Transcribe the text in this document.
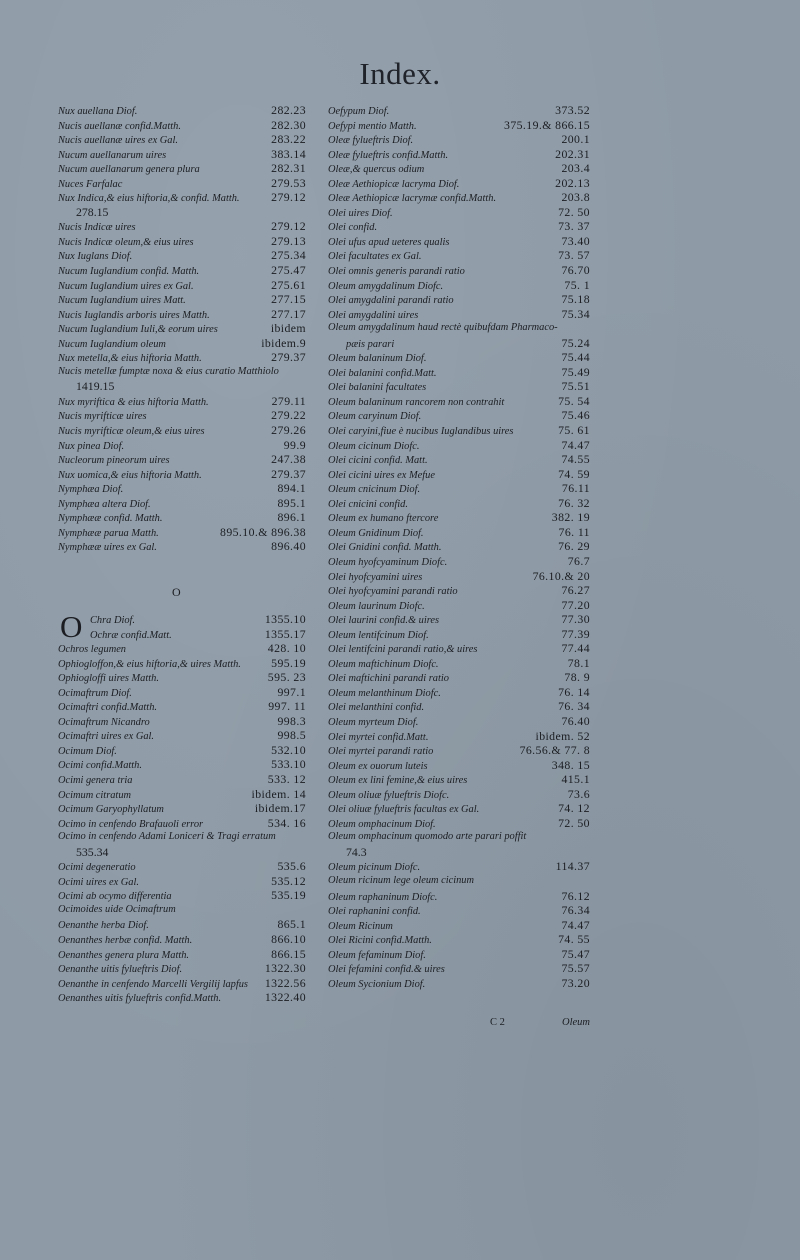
Index.
Nux auellana Diof.	282.23
Nucis auellanæ confid.Matth.	282.30
Nucis auellanæ uires ex Gal.	283.22
Nucum auellanarum uires	383.14
Nucum auellanarum genera plura	282.31
Nuces Farfalac	279.53
Nux Indica,& eius hiftoria,& confid. Matth.	279.12
278.15
Nucis Indicæ uires	279.12
Nucis Indicæ oleum,& eius uires	279.13
Nux Iuglans Diof.	275.34
Nucum Iuglandium confid. Matth.	275.47
Nucum Iuglandium uires ex Gal.	275.61
Nucum Iuglandium uires Matt.	277.15
Nucis Iuglandis arboris uires Matth.	277.17
Nucum Iuglandium Iuli,& eorum uires	ibidem
Nucum Iuglandium oleum	ibidem.9
Nux metella,& eius hiftoria Matth.	279.37
Nucis metellæ fumptæ noxa & eius curatio Matthiolo
1419.15
Nux myriftica & eius hiftoria Matth.	279.11
Nucis myrifticæ uires	279.22
Nucis myrifticæ oleum,& eius uires	279.26
Nux pinea Diof.	99.9
Nucleorum pineorum uires	247.38
Nux uomica,& eius hiftoria Matth.	279.37
Nymphæa Diof.	894.1
Nymphæa altera Diof.	895.1
Nymphææ confid. Matth.	896.1
Nymphææ parua Matth.	895.10.& 896.38
Nymphææ uires ex Gal.	896.40
O
O Chra Diof.	1355.10
Ochræ confid.Matt.	1355.17
Ochros legumen	428. 10
Ophiogloffon,& eius hiftoria,& uires Matth.	595.19
Ophiogloffi uires Matth.	595. 23
Ocimaftrum Diof.	997.1
Ocimaftri confid.Matth.	997. 11
Ocimaftrum Nicandro	998.3
Ocimaftri uires ex Gal.	998.5
Ocimum Diof.	532.10
Ocimi confid.Matth.	533.10
Ocimi genera tria	533. 12
Ocimum citratum	ibidem. 14
Ocimum Garyophyllatum	ibidem.17
Ocimo in cenfendo Brafauoli error	534. 16
Ocimo in cenfendo Adami Loniceri & Tragi erratum
535.34
Ocimi degeneratio	535.6
Ocimi uires ex Gal.	535.12
Ocimi ab ocymo differentia	535.19
Ocimoides uide Ocimaftrum
Oenanthe herba Diof.	865.1
Oenanthes herbæ confid. Matth.	866.10
Oenanthes genera plura Matth.	866.15
Oenanthe uitis fylueftris Diof.	1322.30
Oenanthe in cenfendo Marcelli Vergilij lapfus	1322.56
Oenanthes uitis fylueftris confid.Matth.	1322.40
Oefypum Diof.	373.52
Oefypi mentio Matth.	375.19.& 866.15
Oleæ fylueftris Diof.	200.1
Oleæ fylueftris confid.Matth.	202.31
Oleæ,& quercus odium	203.4
Oleæ Aethiopicæ lacryma Diof.	202.13
Oleæ Aethiopicæ lacrymæ confid.Matth.	203.8
Olei uires Diof.	72. 50
Olei confid.	73. 37
Olei ufus apud ueteres qualis	73.40
Olei facultates ex Gal.	73. 57
Olei omnis generis parandi ratio	76.70
Oleum amygdalinum Diofc.	75. 1
Olei amygdalini parandi ratio	75.18
Olei amygdalini uires	75.34
Oleum amygdalinum haud rectè quibufdam Pharmaco-
pæis parari	75.24
Oleum balaninum Diof.	75.44
Olei balanini confid.Matt.	75.49
Olei balanini facultates	75.51
Oleum balaninum rancorem non contrahit	75. 54
Oleum caryinum Diof.	75.46
Olei caryini,fiue è nucibus Iuglandibus uires	75. 61
Oleum cicinum Diofc.	74.47
Olei cicini confid. Matt.	74.55
Olei cicini uires ex Mefue	74. 59
Oleum cnicinum Diof.	76.11
Olei cnicini confid.	76. 32
Oleum ex humano ftercore	382. 19
Oleum Gnidinum Diof.	76. 11
Olei Gnidini confid. Matth.	76. 29
Oleum hyofcyaminum Diofc.	76.7
Olei hyofcyamini uires	76.10.& 20
Olei hyofcyamini parandi ratio	76.27
Oleum laurinum Diofc.	77.20
Olei laurini confid.& uires	77.30
Oleum lentifcinum Diof.	77.39
Olei lentifcini parandi ratio,& uires	77.44
Oleum maftichinum Diofc.	78.1
Olei maftichini parandi ratio	78. 9
Oleum melanthinum Diofc.	76. 14
Olei melanthini confid.	76. 34
Oleum myrteum Diof.	76.40
Olei myrtei confid.Matt.	ibidem. 52
Olei myrtei parandi ratio	76.56.& 77. 8
Oleum ex ouorum luteis	348. 15
Oleum ex lini femine,& eius uires	415.1
Oleum oliuæ fylueftris Diofc.	73.6
Olei oliuæ fylueftris facultas ex Gal.	74. 12
Oleum omphacinum Diof.	72. 50
Oleum omphacinum quomodo arte parari poffit
74.3
Oleum picinum Diofc.	114.37
Oleum ricinum lege oleum cicinum
Oleum raphaninum Diofc.	76.12
Olei raphanini confid.	76.34
Oleum Ricinum	74.47
Olei Ricini confid.Matth.	74. 55
Oleum fefaminum Diof.	75.47
Olei fefamini confid.& uires	75.57
Oleum Sycionium Diof.	73.20
C 2	Oleum
